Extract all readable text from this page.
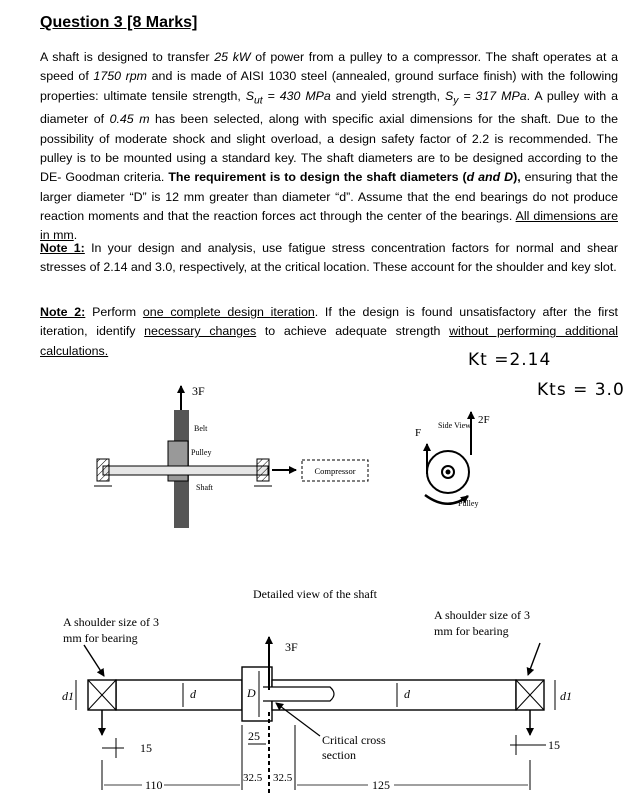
Question 3 [8 Marks]
A shaft is designed to transfer 25 kW of power from a pulley to a compressor. The shaft operates at a speed of 1750 rpm and is made of AISI 1030 steel (annealed, ground surface finish) with the following properties: ultimate tensile strength, $S_{ut} = 430$ MPa and yield strength, $S_y = 317$ MPa. A pulley with a diameter of 0.45 m has been selected, along with specific axial dimensions for the shaft. Due to the possibility of moderate shock and slight overload, a design safety factor of 2.2 is recommended. The pulley is to be mounted using a standard key. The shaft diameters are to be designed according to the DE- Goodman criteria. The requirement is to design the shaft diameters (d and D), ensuring that the larger diameter “D” is 12 mm greater than diameter “d”. Assume that the end bearings do not produce reaction moments and that the reaction forces act through the center of the bearings. All dimensions are in mm.
Note 1: In your design and analysis, use fatigue stress concentration factors for normal and shear stresses of 2.14 and 3.0, respectively, at the critical location. These account for the shoulder and key slot.
Note 2: Perform one complete design iteration. If the design is found unsatisfactory after the first iteration, identify necessary changes to achieve adequate strength without performing additional calculations.	Kt =2.14
Kts = 3.0
3F
Belt
Pulley
Shaft
Compressor
Side View 2F
F
Pulley
Detailed view of the shaft
A shoulder size of 3
mm for bearing
A shoulder size of 3
mm for bearing
3F
d1	d	D	d	d1
25	Critical cross
section
15	15
110	32.5 32.5	125
